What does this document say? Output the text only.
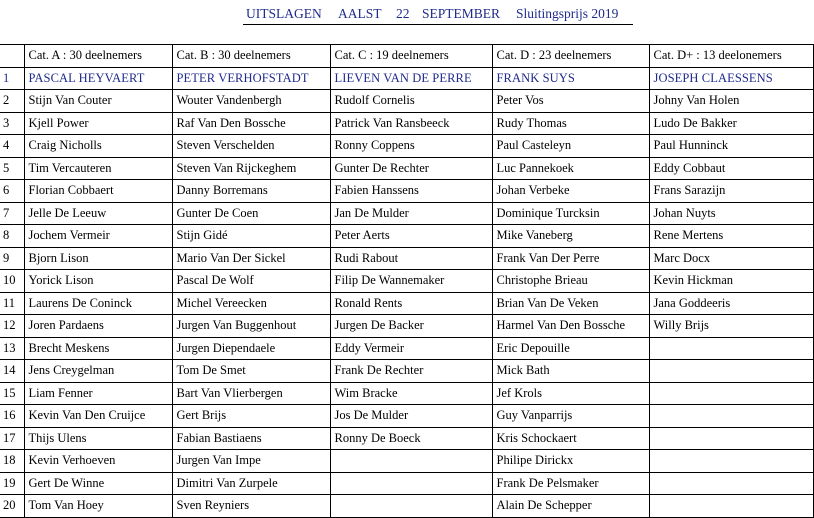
UITSLAGEN AALST 22 SEPTEMBER Sluitingsprijs 2019
	Cat. A : 30 deelnemers	Cat. B : 30 deelnemers	Cat. C : 19 deelnemers	Cat. D : 23 deelnemers	Cat. D+ : 13 deelonemers
1	PASCAL HEYVAERT	PETER VERHOFSTADT	LIEVEN VAN DE PERRE	FRANK SUYS	JOSEPH CLAESSENS
2	Stijn Van Couter	Wouter Vandenbergh	Rudolf Cornelis	Peter Vos	Johny Van Holen
3	Kjell Power	Raf Van Den Bossche	Patrick Van Ransbeeck	Rudy Thomas	Ludo De Bakker
4	Craig Nicholls	Steven Verschelden	Ronny Coppens	Paul Casteleyn	Paul Hunninck
5	Tim Vercauteren	Steven Van Rijckeghem	Gunter De Rechter	Luc Pannekoek	Eddy Cobbaut
6	Florian Cobbaert	Danny Borremans	Fabien Hanssens	Johan Verbeke	Frans Sarazijn
7	Jelle De Leeuw	Gunter De Coen	Jan De Mulder	Dominique Turcksin	Johan Nuyts
8	Jochem Vermeir	Stijn Gidé	Peter Aerts	Mike Vaneberg	Rene Mertens
9	Bjorn Lison	Mario Van Der Sickel	Rudi Rabout	Frank Van Der Perre	Marc Docx
10	Yorick Lison	Pascal De Wolf	Filip De Wannemaker	Christophe Brieau	Kevin Hickman
11	Laurens De Coninck	Michel Vereecken	Ronald Rents	Brian Van De Veken	Jana Goddeeris
12	Joren Pardaens	Jurgen Van Buggenhout	Jurgen De Backer	Harmel Van Den Bossche	Willy Brijs
13	Brecht Meskens	Jurgen Diependaele	Eddy Vermeir	Eric Depouille	
14	Jens Creygelman	Tom De Smet	Frank De Rechter	Mick Bath	
15	Liam Fenner	Bart Van Vlierbergen	Wim Bracke	Jef Krols	
16	Kevin Van Den Cruijce	Gert Brijs	Jos De Mulder	Guy Vanparrijs	
17	Thijs Ulens	Fabian Bastiaens	Ronny De Boeck	Kris Schockaert	
18	Kevin Verhoeven	Jurgen Van Impe		Philipe Dirickx	
19	Gert De Winne	Dimitri Van Zurpele		Frank De Pelsmaker	
20	Tom Van Hoey	Sven Reyniers		Alain De Schepper	
